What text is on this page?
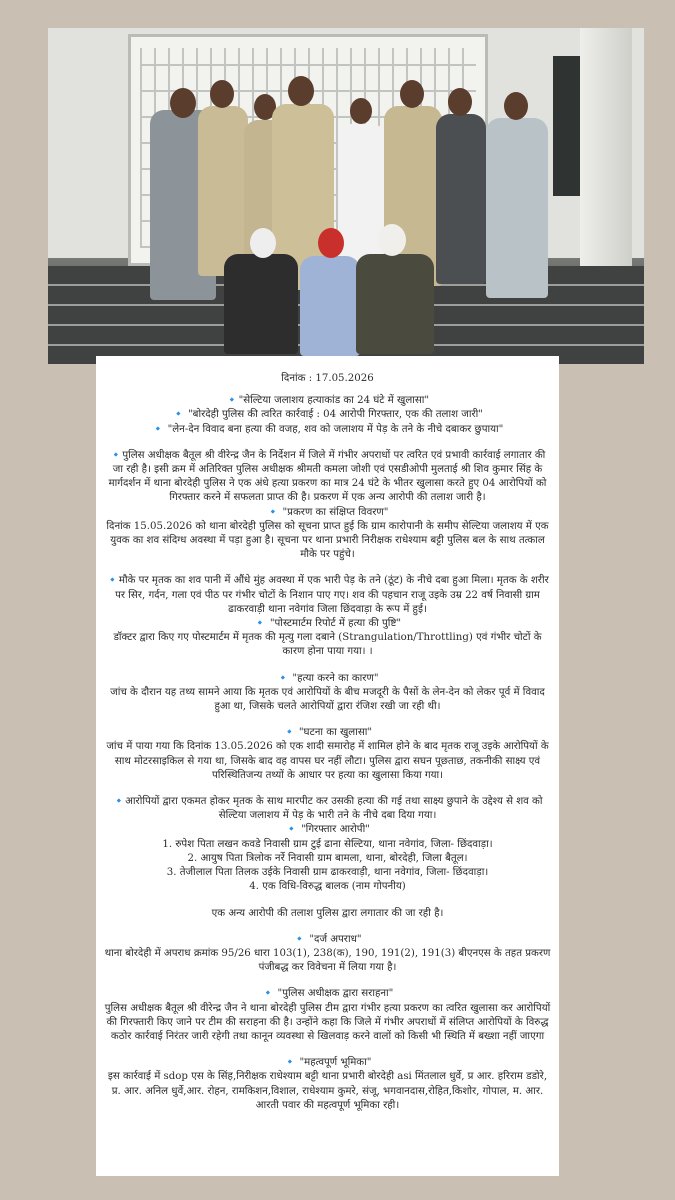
दिनांक : 17.05.2026
🔹"सेल्टिया जलाशय हत्याकांड का 24 घंटे में खुलासा"
🔹 "बोरदेही पुलिस की त्वरित कार्रवाई : 04 आरोपी गिरफ्तार, एक की तलाश जारी"
🔹 "लेन-देन विवाद बना हत्या की वजह, शव को जलाशय में पेड़ के तने के नीचे दबाकर छुपाया"
🔹पुलिस अधीक्षक बैतूल श्री वीरेन्द्र जैन के निर्देशन में जिले में गंभीर अपराधों पर त्वरित एवं प्रभावी कार्रवाई लगातार की जा रही है। इसी क्रम में अतिरिक्त पुलिस अधीक्षक श्रीमती कमला जोशी एवं एसडीओपी मुलताई श्री शिव कुमार सिंह के मार्गदर्शन में थाना बोरदेही पुलिस ने एक अंधे हत्या प्रकरण का मात्र 24 घंटे के भीतर खुलासा करते हुए 04 आरोपियों को गिरफ्तार करने में सफलता प्राप्त की है। प्रकरण में एक अन्य आरोपी की तलाश जारी है।
🔹 "प्रकरण का संक्षिप्त विवरण"
दिनांक 15.05.2026 को थाना बोरदेही पुलिस को सूचना प्राप्त हुई कि ग्राम कारोपानी के समीप सेल्टिया जलाशय में एक युवक का शव संदिग्ध अवस्था में पड़ा हुआ है। सूचना पर थाना प्रभारी निरीक्षक राधेश्याम बट्टी पुलिस बल के साथ तत्काल मौके पर पहुंचे।
🔹मौके पर मृतक का शव पानी में औंधे मुंह अवस्था में एक भारी पेड़ के तने (ठूंट) के नीचे दबा हुआ मिला। मृतक के शरीर पर सिर, गर्दन, गला एवं पीठ पर गंभीर चोटों के निशान पाए गए। शव की पहचान राजू उइके उम्र 22 वर्ष निवासी ग्राम ढाकरवाड़ी थाना नवेगांव जिला छिंदवाड़ा के रूप में हुई।
🔹 "पोस्टमार्टम रिपोर्ट में हत्या की पुष्टि"
डॉक्टर द्वारा किए गए पोस्टमार्टम में मृतक की मृत्यु गला दबाने (Strangulation/Throttling) एवं गंभीर चोटों के कारण होना पाया गया। ।
🔹 "हत्या करने का कारण"
जांच के दौरान यह तथ्य सामने आया कि मृतक एवं आरोपियों के बीच मजदूरी के पैसों के लेन-देन को लेकर पूर्व में विवाद हुआ था, जिसके चलते आरोपियों द्वारा रंजिश रखी जा रही थी।
🔹 "घटना का खुलासा"
जांच में पाया गया कि दिनांक 13.05.2026 को एक शादी समारोह में शामिल होने के बाद मृतक राजू उइके आरोपियों के साथ मोटरसाइकिल से गया था, जिसके बाद वह वापस घर नहीं लौटा। पुलिस द्वारा सघन पूछताछ, तकनीकी साक्ष्य एवं परिस्थितिजन्य तथ्यों के आधार पर हत्या का खुलासा किया गया।
🔹आरोपियों द्वारा एकमत होकर मृतक के साथ मारपीट कर उसकी हत्या की गई तथा साक्ष्य छुपाने के उद्देश्य से शव को सेल्टिया जलाशय में पेड़ के भारी तने के नीचे दबा दिया गया।
🔹 "गिरफ्तार आरोपी"
1. रुपेश पिता लखन कवडे निवासी ग्राम टुई ढाना सेल्टिया, थाना नवेगांव, जिला- छिंदवाड़ा।
2. आयुष पिता त्रिलोक नर्रे निवासी ग्राम बामला, थाना, बोरदेही, जिला बैतूल।
3. तेजीलाल पिता तिलक उईके निवासी ग्राम ढाकरवाड़ी, थाना नवेगांव, जिला- छिंदवाड़ा।
4. एक विधि-विरुद्ध बालक (नाम गोपनीय)
एक अन्य आरोपी की तलाश पुलिस द्वारा लगातार की जा रही है।
🔹 "दर्ज अपराध"
थाना बोरदेही में अपराध क्रमांक 95/26 धारा 103(1), 238(क), 190, 191(2), 191(3) बीएनएस के तहत प्रकरण पंजीबद्ध कर विवेचना में लिया गया है।
🔹 "पुलिस अधीक्षक द्वारा सराहना"
पुलिस अधीक्षक बैतूल श्री वीरेन्द्र जैन ने थाना बोरदेही पुलिस टीम द्वारा गंभीर हत्या प्रकरण का त्वरित खुलासा कर आरोपियों की गिरफ्तारी किए जाने पर टीम की सराहना की है। उन्होंने कहा कि जिले में गंभीर अपराधों में संलिप्त आरोपियों के विरुद्ध कठोर कार्रवाई निरंतर जारी रहेगी तथा कानून व्यवस्था से खिलवाड़ करने वालों को किसी भी स्थिति में बख्शा नहीं जाएगा
🔹 "महत्वपूर्ण भूमिका"
इस कार्रवाई में sdop एस के सिंह,निरीक्षक राधेश्याम बट्टी थाना प्रभारी बोरदेही asi मिंतलाल धुर्वे, प्र आर. हरिराम डडोरे, प्र. आर. अनिल धुर्वे,आर. रोहन, रामकिशन,विशाल, राधेश्याम कुमरे, संजू, भगवानदास,रोहित,किशोर, गोपाल, म. आर. आरती पवार की महत्वपूर्ण भूमिका रही।
